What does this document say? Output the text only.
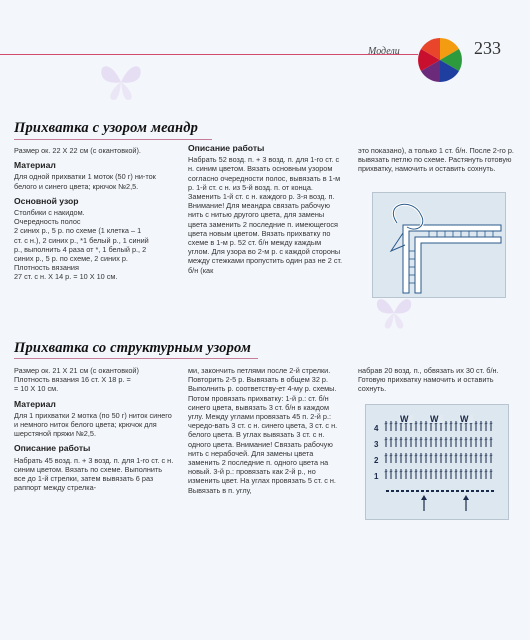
Модели	233
Прихватка с узором меандр

Размер ок. 22 Х 22 см (с окантовкой).

Материал

Для одной прихватки 1 моток (50 г) ни-ток белого и синего цвета; крючок №2,5.

Основной узор

Столбики с накидом.

Очередность полос

2 синих р., 5 р. по схеме (1 клетка – 1

ст. с н.), 2 синих р., *1 белый р., 1 синий

р., выполнить 4 раза от *, 1 белый р., 2

синих р., 5 р. по схеме, 2 синих р.

Плотность вязания

27 ст. с н. Х 14 р. = 10 Х 10 см.

Описание работы

Набрать 52 возд. п. + 3 возд. п. для 1-го ст. с н. синим цветом. Вязать основным узором согласно очередности полос, вывязать в 1-м р. 1-й ст. с н. из 5-й возд. п. от конца. Заменить 1-й ст. с н. каждого р. 3-я возд. п. Внимание! Для меандра связать рабочую нить с нитью другого цвета, для замены цвета заменить 2 последние п. имеющегося цвета новым цветом. Вязать прихватку по схеме в 1-м р. 52 ст. б/н между каждым углом. Для узора во 2-м р. с каждой стороны между стежками пропустить один раз не 2 ст. б/н (как

это показано), а только 1 ст. б/н. После 2-го р. вывязать петлю по схеме. Растянуть готовую прихватку, намочить и оставить сохнуть.

Прихватка со структурным узором

Размер ок. 21 Х 21 см (с окантовкой)

Плотность вязания 16 ст. Х 18 р. =

= 10 Х 10 см.

Материал

Для 1 прихватки 2 мотка (по 50 г) ниток синего и немного ниток белого цвета; крючок для шерстяной пряжи №2,5.

Описание работы

Набрать 45 возд. п. + 3 возд. п. для 1-го ст. с н. синим цветом. Вязать по схеме. Выполнить все до 1-й стрелки, затем вывязать 6 раз раппорт между стрелка-

ми, закончить петлями после 2-й стрелки. Повторить 2-5 р. Вывязать в общем 32 р. Выполнить р. соответству-ет 4-му р. схемы. Потом провязать прихватку: 1-й р.: ст. б/н синего цвета, вывязать 3 ст. б/н в каждом углу. Между углами провязать 45 п. 2-й р.: чередо-вать 3 ст. с н. синего цвета, 3 ст. с н. белого цвета. В углах вывязать 3 ст. с н. одного цвета. Внимание! Связать рабочую нить с нерабочей. Для замены цвета заменить 2 последние п. одного цвета на новый. 3-й р.: провязать как 2-й р., но изменить цвет. На углах провязать 5 ст. с н. Вывязать в п. углу,

набрав 20 возд. п., обвязать их 30 ст. б/н. Готовую прихватку намочить и оставить сохнуть.

4
3
2
1
W W W
